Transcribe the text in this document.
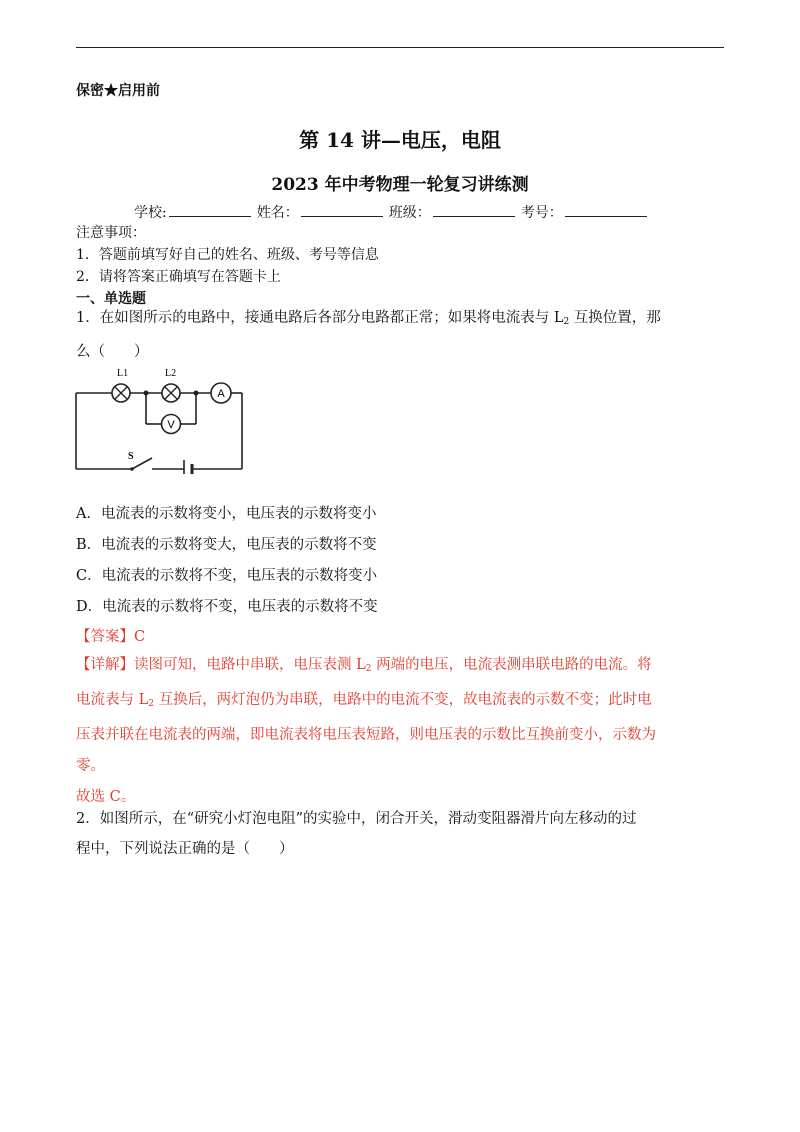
保密★启用前
第 14 讲—电压，电阻
2023 年中考物理一轮复习讲练测
学校:	姓名：	班级：	考号：
注意事项：
1．答题前填写好自己的姓名、班级、考号等信息
2．请将答案正确填写在答题卡上
一、单选题
1．在如图所示的电路中，接通电路后各部分电路都正常；如果将电流表与 $L_2$ 互换位置，那
么（　　）
L1	L2
A
V
S
A．电流表的示数将变小，电压表的示数将变小
B．电流表的示数将变大，电压表的示数将不变
C．电流表的示数将不变，电压表的示数将变小
D．电流表的示数将不变，电压表的示数将不变
【答案】C
【详解】读图可知，电路中串联，电压表测 $L_2$ 两端的电压，电流表测串联电路的电流。将
电流表与 $L_2$ 互换后，两灯泡仍为串联，电路中的电流不变，故电流表的示数不变；此时电
压表并联在电流表的两端，即电流表将电压表短路，则电压表的示数比互换前变小，示数为
零。
故选 C。
2．如图所示，在“研究小灯泡电阻”的实验中，闭合开关，滑动变阻器滑片向左移动的过
程中，下列说法正确的是（　　）
